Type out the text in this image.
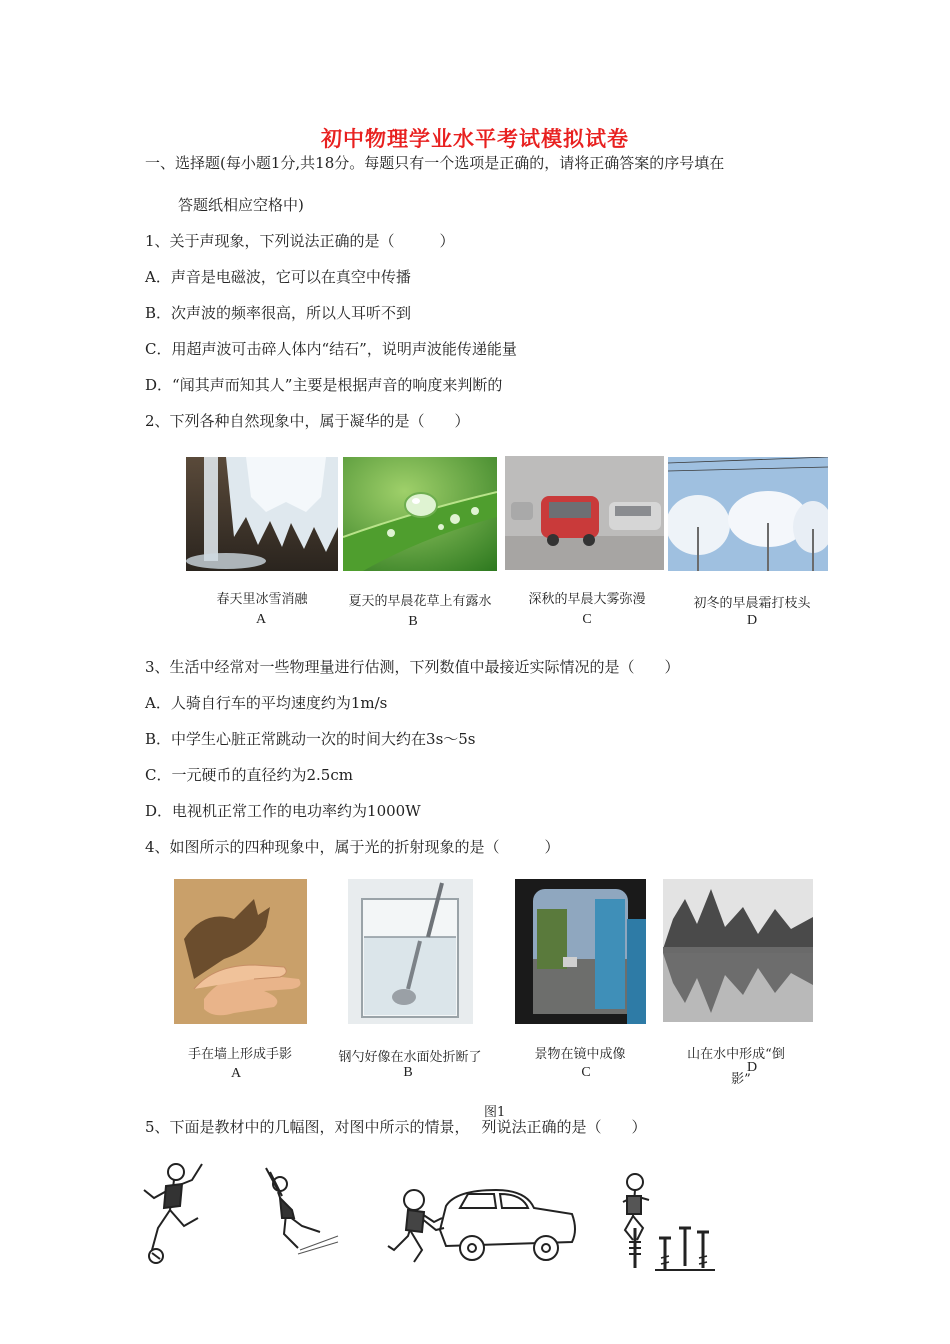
初中物理学业水平考试模拟试卷
一、选择题(每小题1分,共18分。每题只有一个选项是正确的，请将正确答案的序号填在
答题纸相应空格中)
1、关于声现象，下列说法正确的是（　　　）
A．声音是电磁波，它可以在真空中传播
B．次声波的频率很高，所以人耳听不到
C．用超声波可击碎人体内“结石”，说明声波能传递能量
D．“闻其声而知其人”主要是根据声音的响度来判断的
2、下列各种自然现象中，属于凝华的是（　　）
春天里冰雪消融	夏天的早晨花草上有露水	深秋的早晨大雾弥漫	初冬的早晨霜打枝头
A	B	C	D
3、生活中经常对一些物理量进行估测，下列数值中最接近实际情况的是（　　）
A．人骑自行车的平均速度约为1m/s
B．中学生心脏正常跳动一次的时间大约在3s～5s
C．一元硬币的直径约为2.5cm
D．电视机正常工作的电功率约为1000W
4、如图所示的四种现象中，属于光的折射现象的是（　　　）
手在墙上形成手影	钢勺好像在水面处折断了	景物在镜中成像	山在水中形成“倒
影”
A	B	C	D
图1
5、下面是教材中的几幅图，对图中所示的情景， 列说法正确的是（　　）
